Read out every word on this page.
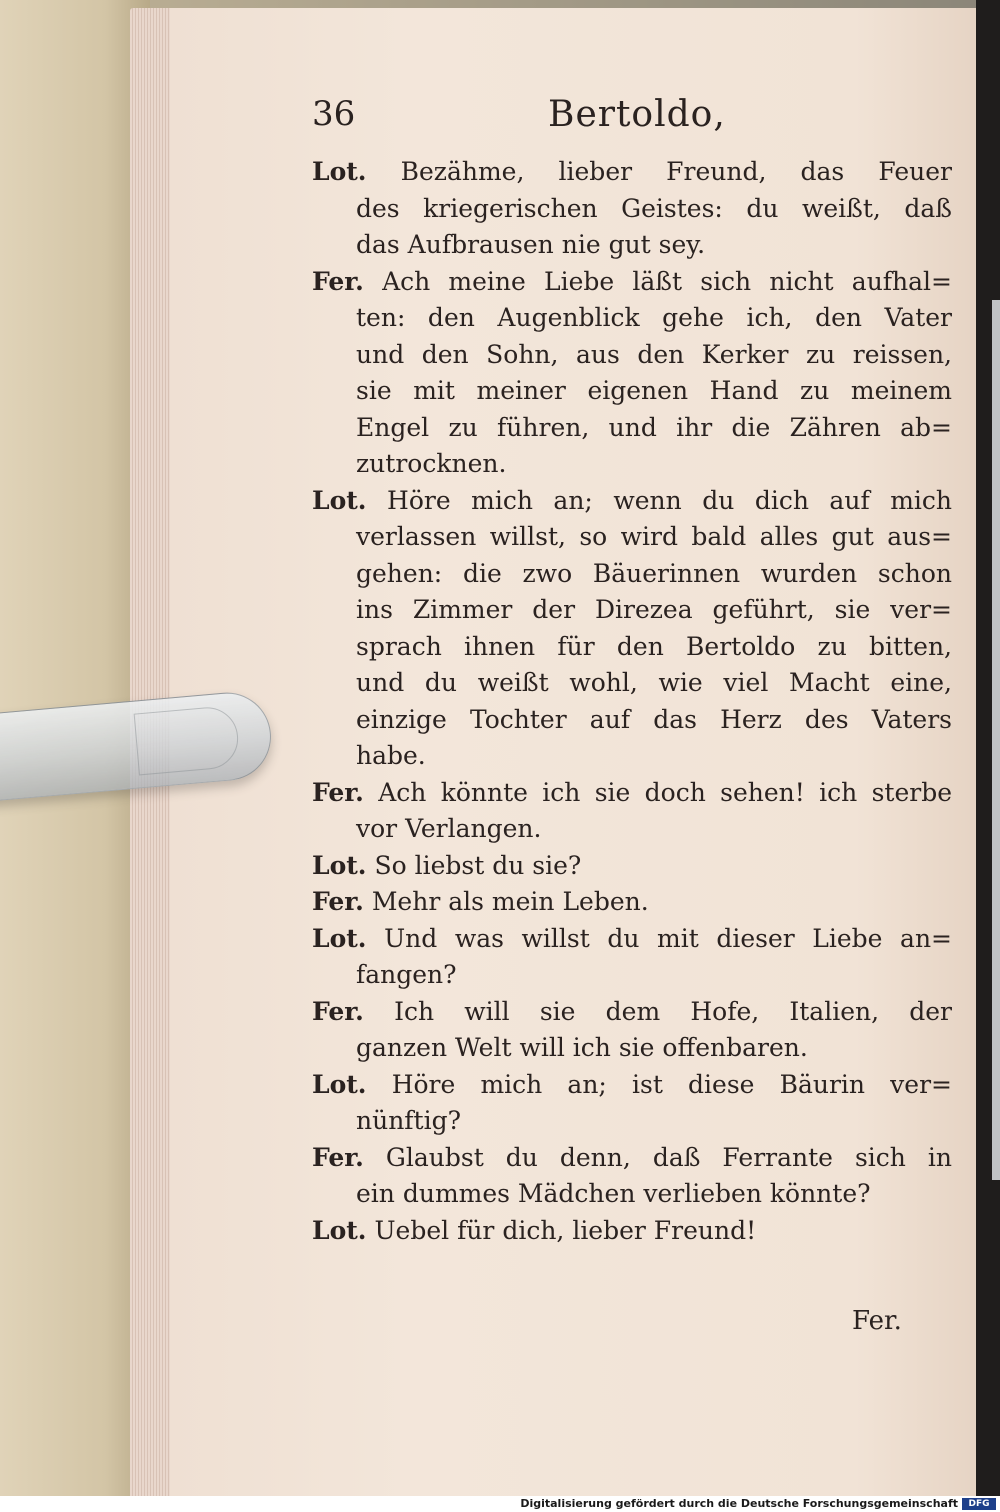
36	Bertoldo,
Lot. Bezähme, lieber Freund, das Feuer
des kriegerischen Geistes: du weißt, daß
das Aufbrausen nie gut sey.
Fer. Ach meine Liebe läßt sich nicht aufhal=
ten: den Augenblick gehe ich, den Vater
und den Sohn, aus den Kerker zu reissen,
sie mit meiner eigenen Hand zu meinem
Engel zu führen, und ihr die Zähren ab=
zutrocknen.
Lot. Höre mich an; wenn du dich auf mich
verlassen willst, so wird bald alles gut aus=
gehen: die zwo Bäuerinnen wurden schon
ins Zimmer der Direzea geführt, sie ver=
sprach ihnen für den Bertoldo zu bitten,
und du weißt wohl, wie viel Macht eine,
einzige Tochter auf das Herz des Vaters
habe.
Fer. Ach könnte ich sie doch sehen! ich sterbe
vor Verlangen.
Lot. So liebst du sie?
Fer. Mehr als mein Leben.
Lot. Und was willst du mit dieser Liebe an=
fangen?
Fer. Ich will sie dem Hofe, Italien, der
ganzen Welt will ich sie offenbaren.
Lot. Höre mich an; ist diese Bäurin ver=
nünftig?
Fer. Glaubst du denn, daß Ferrante sich in
ein dummes Mädchen verlieben könnte?
Lot. Uebel für dich, lieber Freund!
Fer.
Digitalisierung gefördert durch die Deutsche Forschungsgemeinschaft	DFG
